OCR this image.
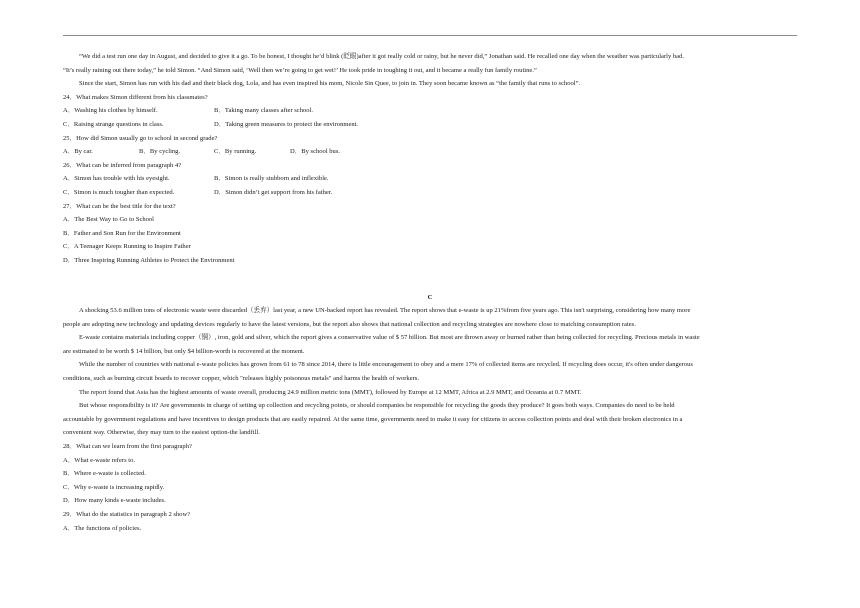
“We did a test run one day in August, and decided to give it a go. To be honest, I thought he’d blink (眨眼)after it got really cold or rainy, but he never did,” Jonathan said. He recalled one day when the weather was particularly bad.
“It’s really raining out there today,” he told Simon. “And Simon said, ‘Well then we’re going to get wet!’ He took pride in toughing it out, and it became a really fun family routine.”
Since the start, Simon has run with his dad and their black dog, Lola, and has even inspired his mom, Nicole Sin Quee, to join in. They soon became known as “the family that runs to school”.
24．What makes Simon different from his classmates?
A．Washing his clothes by himself.	B．Taking many classes after school.
C．Raising strange questions in class.	D．Taking green measures to protect the environment.
25．How did Simon usually go to school in second grade?
A．By car.	B．By cycling.	C．By running.	D．By school bus.
26．What can be inferred from paragraph 4?
A．Simon has trouble with his eyesight.	B．Simon is really stubborn and inflexible.
C．Simon is much tougher than expected.	D．Simon didn’t get support from his father.
27．What can be the best title for the text?
A．The Best Way to Go to School
B．Father and Son Run for the Environment
C．A Teenager Keeps Running to Inspire Father
D．Three Inspiring Running Athletes to Protect the Environment
C
A shocking 53.6 million tons of electronic waste were discarded（丢弃）last year, a new UN-backed report has revealed. The report shows that e-waste is up 21%from five years ago. This isn't surprising, considering how many more
people are adopting new technology and updating devices regularly to have the latest versions, but the report also shows that national collection and recycling strategies are nowhere close to matching consumption rates.
E-waste contains materials including copper（铜）, iron, gold and silver, which the report gives a conservative value of $ 57 billion. But most are thrown away or burned rather than being collected for recycling. Precious metals in waste
are estimated to be worth $ 14 billion, but only $4 billion-worth is recovered at the moment.
While the number of countries with national e-waste policies has grown from 61 to 78 since 2014, there is little encouragement to obey and a mere 17% of collected items are recycled. If recycling does occur, it's often under dangerous
conditions, such as burning circuit boards to recover copper, which "releases highly poisonous metals" and harms the health of workers.
The report found that Asia has the highest amounts of waste overall, producing 24.9 million metric tons (MMT), followed by Europe at 12 MMT, Africa at 2.9 MMT, and Oceania at 0.7 MMT.
But whose responsibility is it? Are governments in charge of setting up collection and recycling points, or should companies be responsible for recycling the goods they produce? It goes both ways. Companies do need to be held
accountable by government regulations and have incentives to design products that are easily repaired. At the same time, governments need to make it easy for citizens to access collection points and deal with their broken electronics in a
convenient way. Otherwise, they may turn to the easiest option-the landfill.
28．What can we learn from the first paragraph?
A．What e-waste refers to.
B．Where e-waste is collected.
C．Why e-waste is increasing rapidly.
D．How many kinds e-waste includes.
29．What do the statistics in paragraph 2 show?
A．The functions of policies.
